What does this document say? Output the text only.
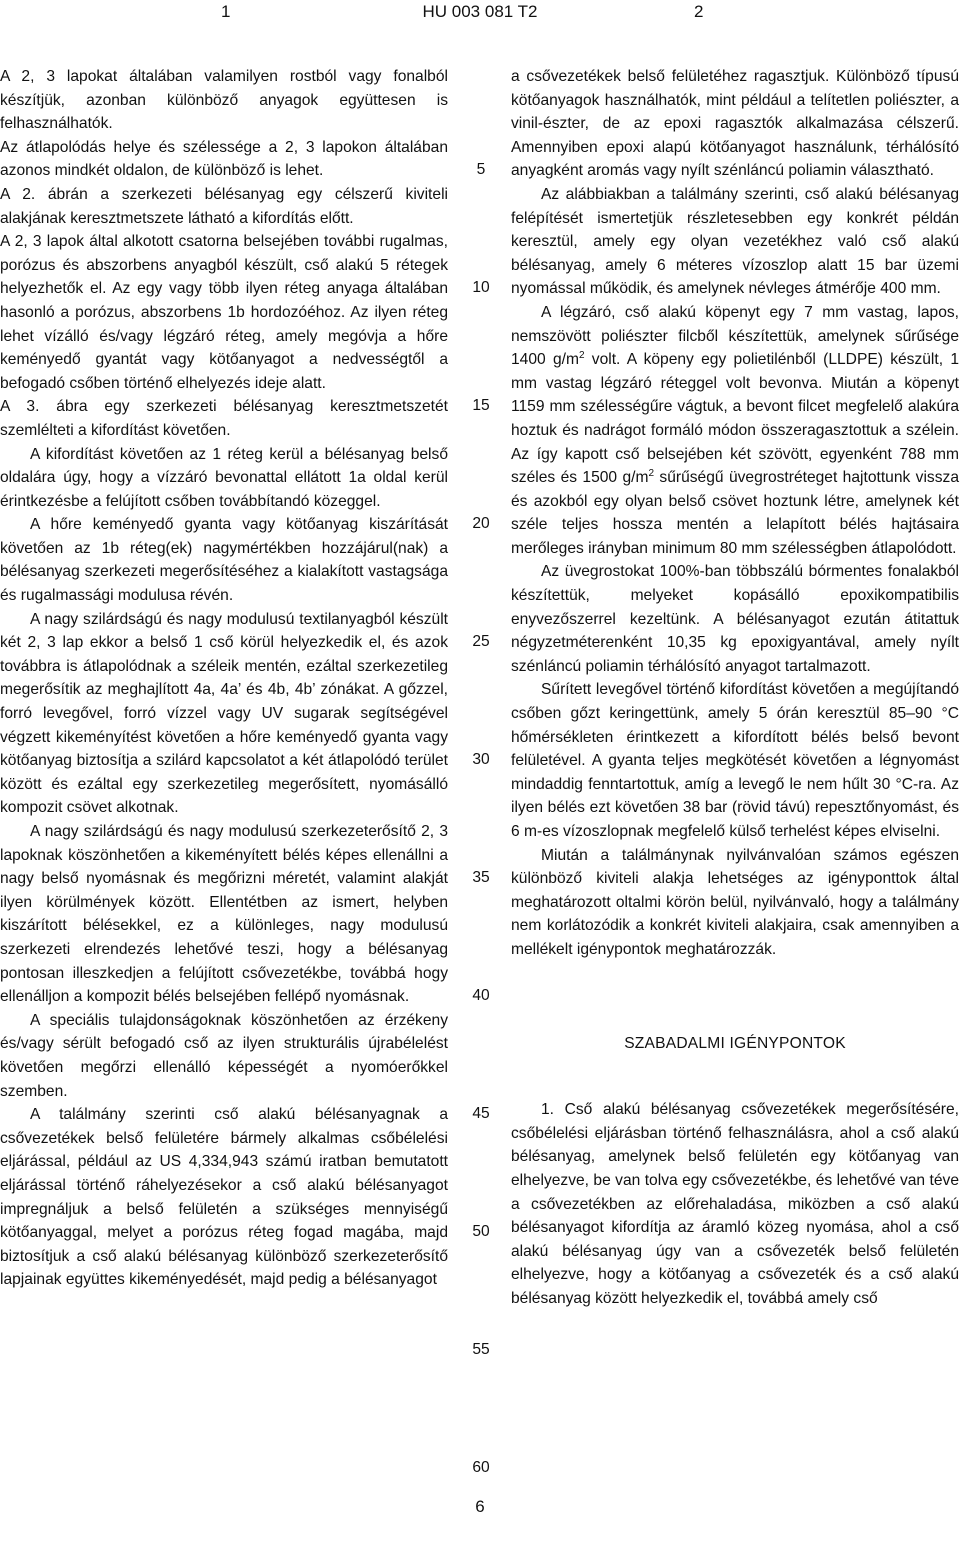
1	HU 003 081 T2	2

A 2, 3 lapokat általában valamilyen rostból vagy fonalból készítjük, azonban különböző anyagok együttesen is felhasználhatók.

Az átlapolódás helye és szélessége a 2, 3 lapokon általában azonos mindkét oldalon, de különböző is lehet.

A 2. ábrán a szerkezeti bélésanyag egy célszerű kiviteli alakjának keresztmetszete látható a kifordítás előtt.

A 2, 3 lapok által alkotott csatorna belsejében további rugalmas, porózus és abszorbens anyagból készült, cső alakú 5 rétegek helyezhetők el. Az egy vagy több ilyen réteg anyaga általában hasonló a porózus, abszorbens 1b hordozóéhoz. Az ilyen réteg lehet vízálló és/vagy légzáró réteg, amely megóvja a hőre keményedő gyantát vagy kötőanyagot a nedvességtől a befogadó csőben történő elhelyezés ideje alatt.

A 3. ábra egy szerkezeti bélésanyag keresztmetszetét szemlélteti a kifordítást követően.

A kifordítást követően az 1 réteg kerül a bélésanyag belső oldalára úgy, hogy a vízzáró bevonattal ellátott 1a oldal kerül érintkezésbe a felújított csőben továbbítandó közeggel.

A hőre keményedő gyanta vagy kötőanyag kiszárítását követően az 1b réteg(ek) nagymértékben hozzájárul(nak) a bélésanyag szerkezeti megerősítéséhez a kialakított vastagsága és rugalmassági modulusa révén.

A nagy szilárdságú és nagy modulusú textilanyagból készült két 2, 3 lap ekkor a belső 1 cső körül helyezkedik el, és azok továbbra is átlapolódnak a széleik mentén, ezáltal szerkezetileg megerősítik az meghajlított 4a, 4a’ és 4b, 4b’ zónákat. A gőzzel, forró levegővel, forró vízzel vagy UV sugarak segítségével végzett kikeményítést követően a hőre keményedő gyanta vagy kötőanyag biztosítja a szilárd kapcsolatot a két átlapolódó terület között és ezáltal egy szerkezetileg megerősített, nyomásálló kompozit csövet alkotnak.

A nagy szilárdságú és nagy modulusú szerkezeterősítő 2, 3 lapoknak köszönhetően a kikeményített bélés képes ellenállni a nagy belső nyomásnak és megőrizni méretét, valamint alakját ilyen körülmények között. Ellentétben az ismert, helyben kiszárított bélésekkel, ez a különleges, nagy modulusú szerkezeti elrendezés lehetővé teszi, hogy a bélésanyag pontosan illeszkedjen a felújított csővezetékbe, továbbá hogy ellenálljon a kompozit bélés belsejében fellépő nyomásnak.

A speciális tulajdonságoknak köszönhetően az érzékeny és/vagy sérült befogadó cső az ilyen strukturális újrabélelést követően megőrzi ellenálló képességét a nyomóerőkkel szemben.

A találmány szerinti cső alakú bélésanyagnak a csővezetékek belső felületére bármely alkalmas csőbélelési eljárással, például az US 4,334,943 számú iratban bemutatott eljárással történő ráhelyezésekor a cső alakú bélésanyagot impregnáljuk a belső felületén a szükséges mennyiségű kötőanyaggal, melyet a porózus réteg fogad magába, majd biztosítjuk a cső alakú bélésanyag különböző szerkezeterősítő lapjainak együttes kikeményedését, majd pedig a bélésanyagot

5
10
15
20
25
30
35
40
45
50
55
60

a csővezetékek belső felületéhez ragasztjuk. Különböző típusú kötőanyagok használhatók, mint például a telítetlen poliészter, a vinil-észter, de az epoxi ragasztók alkalmazása célszerű. Amennyiben epoxi alapú kötőanyagot használunk, térhálósító anyagként aromás vagy nyílt szénláncú poliamin választható.

Az alábbiakban a találmány szerinti, cső alakú bélésanyag felépítését ismertetjük részletesebben egy konkrét példán keresztül, amely egy olyan vezetékhez való cső alakú bélésanyag, amely 6 méteres vízoszlop alatt 15 bar üzemi nyomással működik, és amelynek névleges átmérője 400 mm.

A légzáró, cső alakú köpenyt egy 7 mm vastag, lapos, nemszövött poliészter filcből készítettük, amelynek sűrűsége 1400 $g/m^2$ volt. A köpeny egy polietilénből (LLDPE) készült, 1 mm vastag légzáró réteggel volt bevonva. Miután a köpenyt 1159 mm szélességűre vágtuk, a bevont filcet megfelelő alakúra hoztuk és nadrágot formáló módon összeragasztottuk a szélein. Az így kapott cső belsejében két szövött, egyenként 788 mm széles és 1500 $g/m^2$ sűrűségű üvegrostréteget hajtottunk vissza és azokból egy olyan belső csövet hoztunk létre, amelynek két széle teljes hossza mentén a lelapított bélés hajtásaira merőleges irányban minimum 80 mm szélességben átlapolódott.

Az üvegrostokat 100%-ban többszálú bórmentes fonalakból készítettük, melyeket kopásálló epoxikompatibilis enyvezőszerrel kezeltünk. A bélésanyagot ezután átitattuk négyzetméterenként 10,35 kg epoxigyantával, amely nyílt szénláncú poliamin térhálósító anyagot tartalmazott.

Sűrített levegővel történő kifordítást követően a megújítandó csőben gőzt keringettünk, amely 5 órán keresztül 85–90 °C hőmérsékleten érintkezett a kifordított bélés belső bevont felületével. A gyanta teljes megkötését követően a légnyomást mindaddig fenntartottuk, amíg a levegő le nem hűlt 30 °C-ra. Az ilyen bélés ezt követően 38 bar (rövid távú) repesztőnyomást, és 6 m-es vízoszlopnak megfelelő külső terhelést képes elviselni.

Miután a találmánynak nyilvánvalóan számos egészen különböző kiviteli alakja lehetséges az igényponttok által meghatározott oltalmi körön belül, nyilvánvaló, hogy a találmány nem korlátozódik a konkrét kiviteli alakjaira, csak amennyiben a mellékelt igénypontok meghatározzák.

SZABADALMI IGÉNYPONTOK

1. Cső alakú bélésanyag csővezetékek megerősítésére, csőbélelési eljárásban történő felhasználásra, ahol a cső alakú bélésanyag, amelynek belső felületén egy kötőanyag van elhelyezve, be van tolva egy csővezetékbe, és lehetővé van téve a csővezetékben az előrehaladása, miközben a cső alakú bélésanyagot kifordítja az áramló közeg nyomása, ahol a cső alakú bélésanyag úgy van a csővezeték belső felületén elhelyezve, hogy a kötőanyag a csővezeték és a cső alakú bélésanyag között helyezkedik el, továbbá amely cső

6
